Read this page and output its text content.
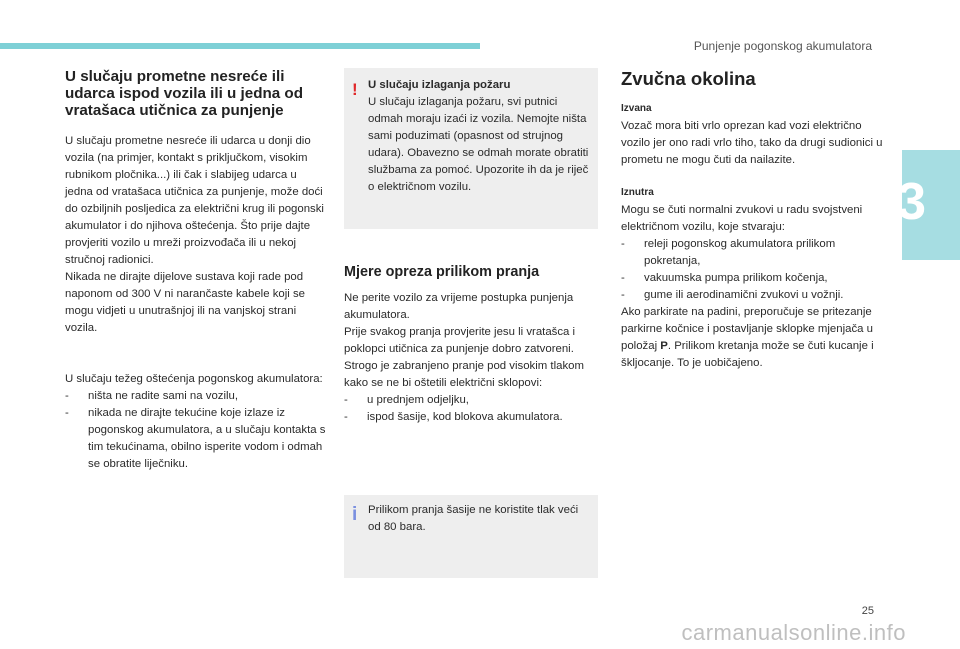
Punjenje pogonskog akumulatora
3
U slučaju prometne nesreće ili udarca ispod vozila ili u jedna od vratašaca utičnica za punjenje

U slučaju prometne nesreće ili udarca u donji dio vozila (na primjer, kontakt s priključkom, visokim rubnikom pločnika...) ili čak i slabijeg udarca u jedna od vratašaca utičnica za punjenje, može doći do ozbiljnih posljedica za električni krug ili pogonski akumulator i do njihova oštećenja. Što prije dajte provjeriti vozilo u mreži proizvođača ili u nekoj stručnoj radionici.
Nikada ne dirajte dijelove sustava koji rade pod naponom od 300 V ni narančaste kabele koji se mogu vidjeti u unutrašnjoj ili na vanjskoj strani vozila.

U slučaju težeg oštećenja pogonskog akumulatora:

- ništa ne radite sami na vozilu,
- nikada ne dirajte tekućine koje izlaze iz pogonskog akumulatora, a u slučaju kontakta s tim tekućinama, obilno isperite vodom i odmah se obratite liječniku.
! U slučaju izlaganja požaru
U slučaju izlaganja požaru, svi putnici odmah moraju izaći iz vozila. Nemojte ništa sami poduzimati (opasnost od strujnog udara). Obavezno se odmah morate obratiti službama za pomoć. Upozorite ih da je riječ o električnom vozilu.
Mjere opreza prilikom pranja

Ne perite vozilo za vrijeme postupka punjenja akumulatora.
Prije svakog pranja provjerite jesu li vratašca i poklopci utičnica za punjenje dobro zatvoreni.
Strogo je zabranjeno pranje pod visokim tlakom kako se ne bi oštetili električni sklopovi:

- u prednjem odjeljku,
- ispod šasije, kod blokova akumulatora.
i Prilikom pranja šasije ne koristite tlak veći od 80 bara.
Zvučna okolina
Izvana

Vozač mora biti vrlo oprezan kad vozi električno vozilo jer ono radi vrlo tiho, tako da drugi sudionici u prometu ne mogu čuti da nailazite.

Iznutra

Mogu se čuti normalni zvukovi u radu svojstveni električnom vozilu, koje stvaraju:

- releji pogonskog akumulatora prilikom pokretanja,
- vakuumska pumpa prilikom kočenja,
- gume ili aerodinamični zvukovi u vožnji.

Ako parkirate na padini, preporučuje se pritezanje parkirne kočnice i postavljanje sklopke mjenjača u položaj P. Prilikom kretanja može se čuti kucanje i škljocanje. To je uobičajeno.

25
carmanualsonline.info
